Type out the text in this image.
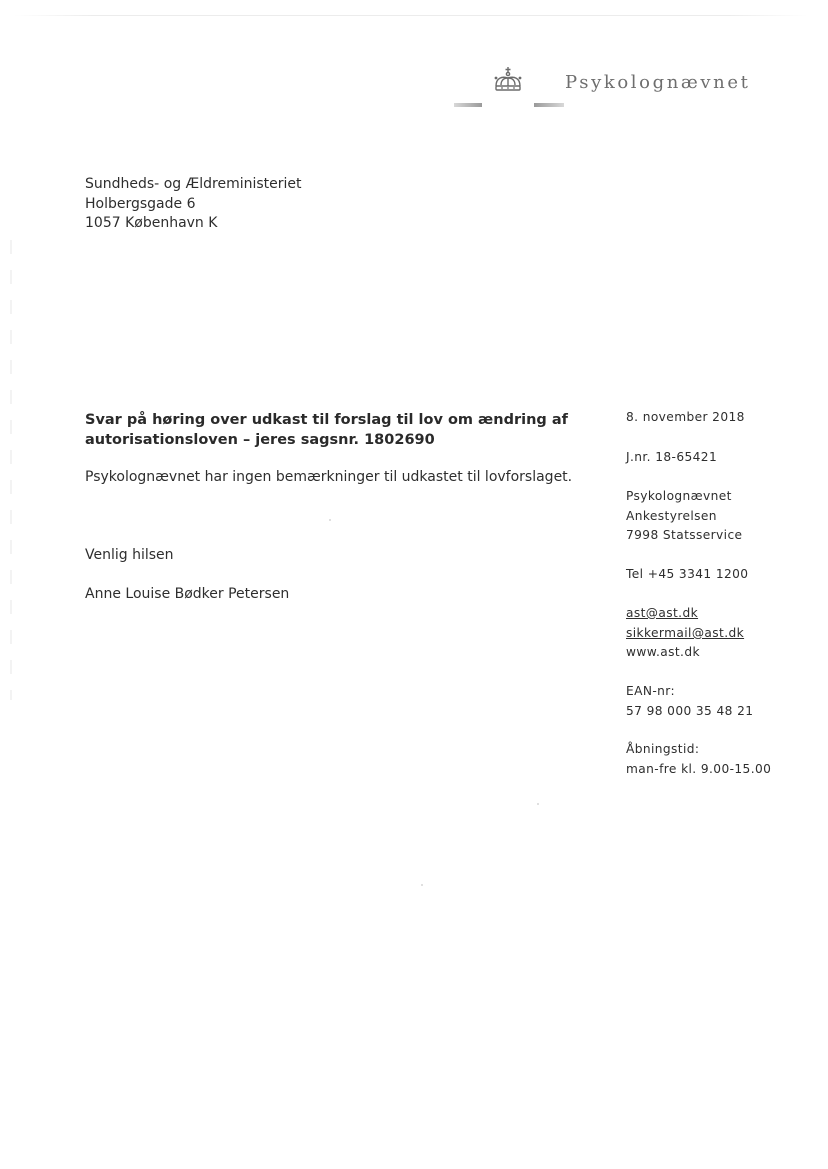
Psykolognævnet
Sundheds- og Ældreministeriet
Holbergsgade 6
1057 København K
Svar på høring over udkast til forslag til lov om ændring af
autorisationsloven – jeres sagsnr. 1802690
Psykolognævnet har ingen bemærkninger til udkastet til lovforslaget.
Venlig hilsen
Anne Louise Bødker Petersen
8. november 2018
J.nr. 18-65421
Psykolognævnet
Ankestyrelsen
7998 Statsservice
Tel +45 3341 1200
ast@ast.dk
sikkermail@ast.dk
www.ast.dk
EAN-nr:
57 98 000 35 48 21
Åbningstid:
man-fre kl. 9.00-15.00
